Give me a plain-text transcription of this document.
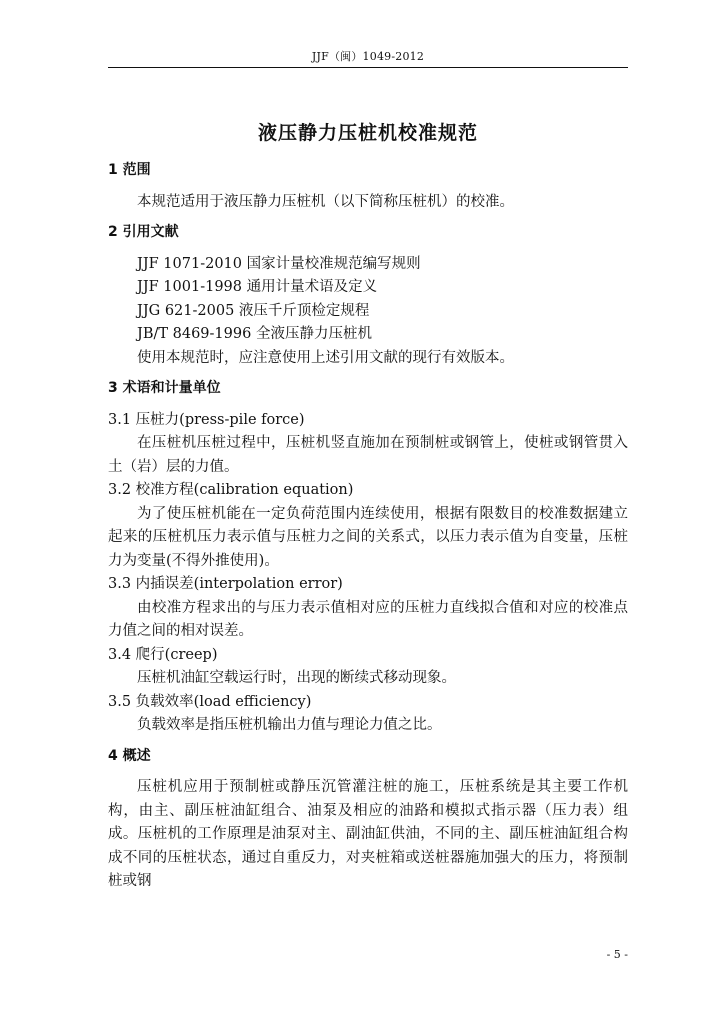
JJF（闽）1049-2012
液压静力压桩机校准规范
1 范围

本规范适用于液压静力压桩机（以下简称压桩机）的校准。

2 引用文献

JJF 1071-2010 国家计量校准规范编写规则

JJF 1001-1998 通用计量术语及定义

JJG 621-2005 液压千斤顶检定规程

JB/T 8469-1996 全液压静力压桩机

使用本规范时，应注意使用上述引用文献的现行有效版本。

3 术语和计量单位

3.1 压桩力(press-pile force)

在压桩机压桩过程中，压桩机竖直施加在预制桩或钢管上，使桩或钢管贯入土（岩）层的力值。

3.2 校准方程(calibration equation)

为了使压桩机能在一定负荷范围内连续使用，根据有限数目的校准数据建立起来的压桩机压力表示值与压桩力之间的关系式，以压力表示值为自变量，压桩力为变量(不得外推使用)。

3.3 内插误差(interpolation error)

由校准方程求出的与压力表示值相对应的压桩力直线拟合值和对应的校准点力值之间的相对误差。

3.4 爬行(creep)

压桩机油缸空载运行时，出现的断续式移动现象。

3.5 负载效率(load efficiency)

负载效率是指压桩机输出力值与理论力值之比。

4 概述

压桩机应用于预制桩或静压沉管灌注桩的施工，压桩系统是其主要工作机构，由主、副压桩油缸组合、油泵及相应的油路和模拟式指示器（压力表）组成。压桩机的工作原理是油泵对主、副油缸供油，不同的主、副压桩油缸组合构成不同的压桩状态，通过自重反力，对夹桩箱或送桩器施加强大的压力，将预制桩或钢

- 5 -
